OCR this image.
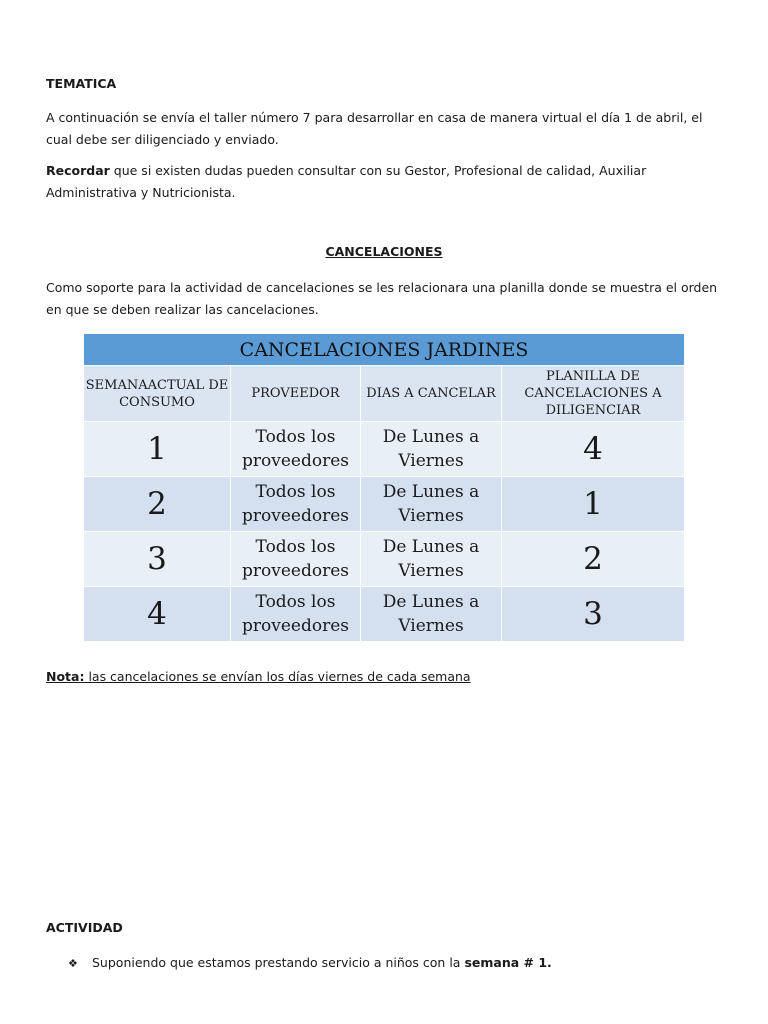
TEMATICA
A continuación se envía el taller número 7 para desarrollar en casa de manera virtual el día 1 de abril, el cual debe ser diligenciado y enviado.
Recordar que si existen dudas pueden consultar con su Gestor, Profesional de calidad, Auxiliar Administrativa y Nutricionista.
CANCELACIONES
Como soporte para la actividad de cancelaciones se les relacionara una planilla donde se muestra el orden en que se deben realizar las cancelaciones.
CANCELACIONES JARDINES			
SEMANAACTUAL DE CONSUMO	PROVEEDOR	DIAS A CANCELAR	PLANILLA DE CANCELACIONES A DILIGENCIAR
1	Todos los proveedores	De Lunes a Viernes	4
2	Todos los proveedores	De Lunes a Viernes	1
3	Todos los proveedores	De Lunes a Viernes	2
4	Todos los proveedores	De Lunes a Viernes	3
Nota: las cancelaciones se envían los días viernes de cada semana
ACTIVIDAD
❖ Suponiendo que estamos prestando servicio a niños con la semana # 1.
